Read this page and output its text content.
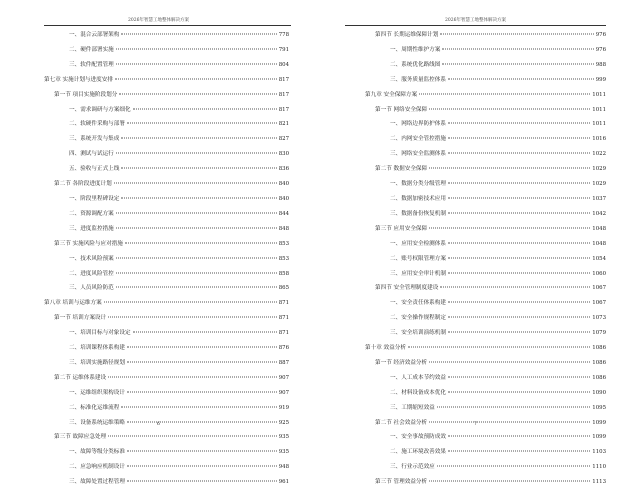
2026年智慧工地整体解决方案
一、混合云部署架构	778
二、硬件部署实施	791
三、软件配置管理	804
第七章 实施计划与进度安排	817
第一节 项目实施阶段划分	817
一、需求调研与方案细化	817
二、软硬件采购与部署	821
三、系统开发与集成	827
四、测试与试运行	830
五、验收与正式上线	836
第二节 各阶段进度计划	840
一、阶段里程碑设定	840
二、资源调配方案	844
三、进度监控措施	848
第三节 实施风险与应对措施	853
一、技术风险预案	853
二、进度风险管控	858
三、人员风险防范	865
第八章 培训与运维方案	871
第一节 培训方案设计	871
一、培训目标与对象设定	871
二、培训课程体系构建	876
三、培训实施路径规划	887
第二节 运维体系建设	907
一、运维组织架构设计	907
二、标准化运维流程	919
三、设备系统运维策略	925
第三节 故障应急处理	935
一、故障等级分类标准	935
二、应急响应机制设计	948
三、故障处置过程管理	961
6
2026年智慧工地整体解决方案
第四节 长期运维保障计划	976
一、周期性维护方案	976
二、系统优化路线图	988
三、服务质量监控体系	999
第九章 安全保障方案	1011
第一节 网络安全保障	1011
一、网络边界防护体系	1011
二、内网安全管控措施	1016
三、网络安全监测体系	1022
第二节 数据安全保障	1029
一、数据分类分级管理	1029
二、数据加密技术应用	1037
三、数据备份恢复机制	1042
第三节 应用安全保障	1048
一、应用安全检测体系	1048
二、账号权限管理方案	1054
三、应用安全审计机制	1060
第四节 安全管理制度建设	1067
一、安全责任体系构建	1067
二、安全操作规程制定	1073
三、安全培训演练机制	1079
第十章 效益分析	1086
第一节 经济效益分析	1086
一、人工成本节约效益	1086
二、材料设备成本优化	1090
三、工期缩短效益	1095
第二节 社会效益分析	1099
一、安全事故预防成效	1099
二、施工环境改善效果	1103
三、行业示范效应	1110
第三节 管理效益分析	1113
7
